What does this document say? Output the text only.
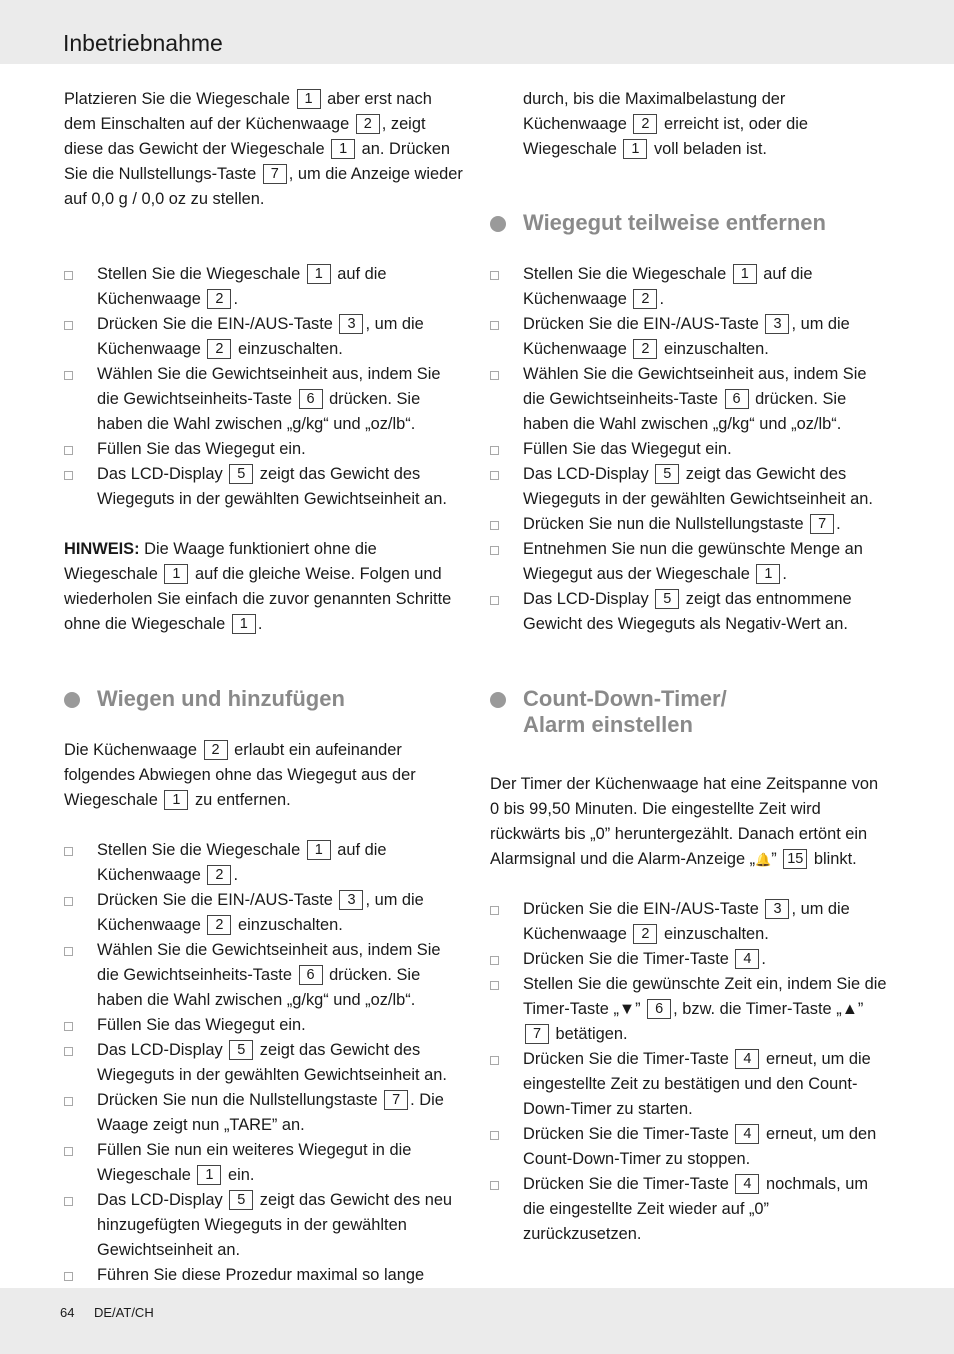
Inbetriebnahme

Platzieren Sie die Wiegeschale 1 aber erst nach dem Einschalten auf der Küchenwaage 2 , zeigt diese das Gewicht der Wiegeschale 1 an. Drücken Sie die Nullstellungs-Taste 7 , um die Anzeige wieder auf 0,0 g / 0,0 oz zu stellen.

Stellen Sie die Wiegeschale 1 auf die Küchenwaage 2 .
Drücken Sie die EIN-/AUS-Taste 3 , um die Küchenwaage 2 einzuschalten.
Wählen Sie die Gewichtseinheit aus, indem Sie die Gewichtseinheits-Taste 6 drücken. Sie haben die Wahl zwischen „g/kg“ und „oz/lb“.
Füllen Sie das Wiegegut ein.
Das LCD-Display 5 zeigt das Gewicht des Wiegeguts in der gewählten Gewichtseinheit an.

HINWEIS: Die Waage funktioniert ohne die Wiegeschale 1 auf die gleiche Weise. Folgen und wiederholen Sie einfach die zuvor genannten Schritte ohne die Wiegeschale 1 .

Wiegen und hinzufügen

Die Küchenwaage 2 erlaubt ein aufeinander folgendes Abwiegen ohne das Wiegegut aus der Wiegeschale 1 zu entfernen.

Stellen Sie die Wiegeschale 1 auf die Küchenwaage 2 .
Drücken Sie die EIN-/AUS-Taste 3 , um die Küchenwaage 2 einzuschalten.
Wählen Sie die Gewichtseinheit aus, indem Sie die Gewichtseinheits-Taste 6 drücken. Sie haben die Wahl zwischen „g/kg“ und „oz/lb“.
Füllen Sie das Wiegegut ein.
Das LCD-Display 5 zeigt das Gewicht des Wiegeguts in der gewählten Gewichtseinheit an.
Drücken Sie nun die Nullstellungstaste 7 . Die Waage zeigt nun „TARE” an.
Füllen Sie nun ein weiteres Wiegegut in die Wiegeschale 1 ein.
Das LCD-Display 5 zeigt das Gewicht des neu hinzugefügten Wiegeguts in der gewählten Gewichtseinheit an.
Führen Sie diese Prozedur maximal so lange

durch, bis die Maximalbelastung der Küchenwaage 2 erreicht ist, oder die Wiegeschale 1 voll beladen ist.

Wiegegut teilweise entfernen
Stellen Sie die Wiegeschale 1 auf die Küchenwaage 2 .
Drücken Sie die EIN-/AUS-Taste 3 , um die Küchenwaage 2 einzuschalten.
Wählen Sie die Gewichtseinheit aus, indem Sie die Gewichtseinheits-Taste 6 drücken. Sie haben die Wahl zwischen „g/kg“ und „oz/lb“.
Füllen Sie das Wiegegut ein.
Das LCD-Display 5 zeigt das Gewicht des Wiegeguts in der gewählten Gewichtseinheit an.
Drücken Sie nun die Nullstellungstaste 7 .
Entnehmen Sie nun die gewünschte Menge an Wiegegut aus der Wiegeschale 1 .
Das LCD-Display 5 zeigt das entnommene Gewicht des Wiegeguts als Negativ-Wert an.
Count-Down-Timer/
Alarm einstellen

Der Timer der Küchenwaage hat eine Zeitspanne von 0 bis 99,50 Minuten. Die eingestellte Zeit wird rückwärts bis „0” heruntergezählt. Danach ertönt ein Alarmsignal und die Alarm-Anzeige „🔔” 15 blinkt.

Drücken Sie die EIN-/AUS-Taste 3 , um die Küchenwaage 2 einzuschalten.
Drücken Sie die Timer-Taste 4 .
Stellen Sie die gewünschte Zeit ein, indem Sie die Timer-Taste „▼” 6 , bzw. die Timer-Taste „▲” 7 betätigen.
Drücken Sie die Timer-Taste 4 erneut, um die eingestellte Zeit zu bestätigen und den Count-Down-Timer zu starten.
Drücken Sie die Timer-Taste 4 erneut, um den Count-Down-Timer zu stoppen.
Drücken Sie die Timer-Taste 4 nochmals, um die eingestellte Zeit wieder auf „0” zurückzusetzen.
64 DE/AT/CH
